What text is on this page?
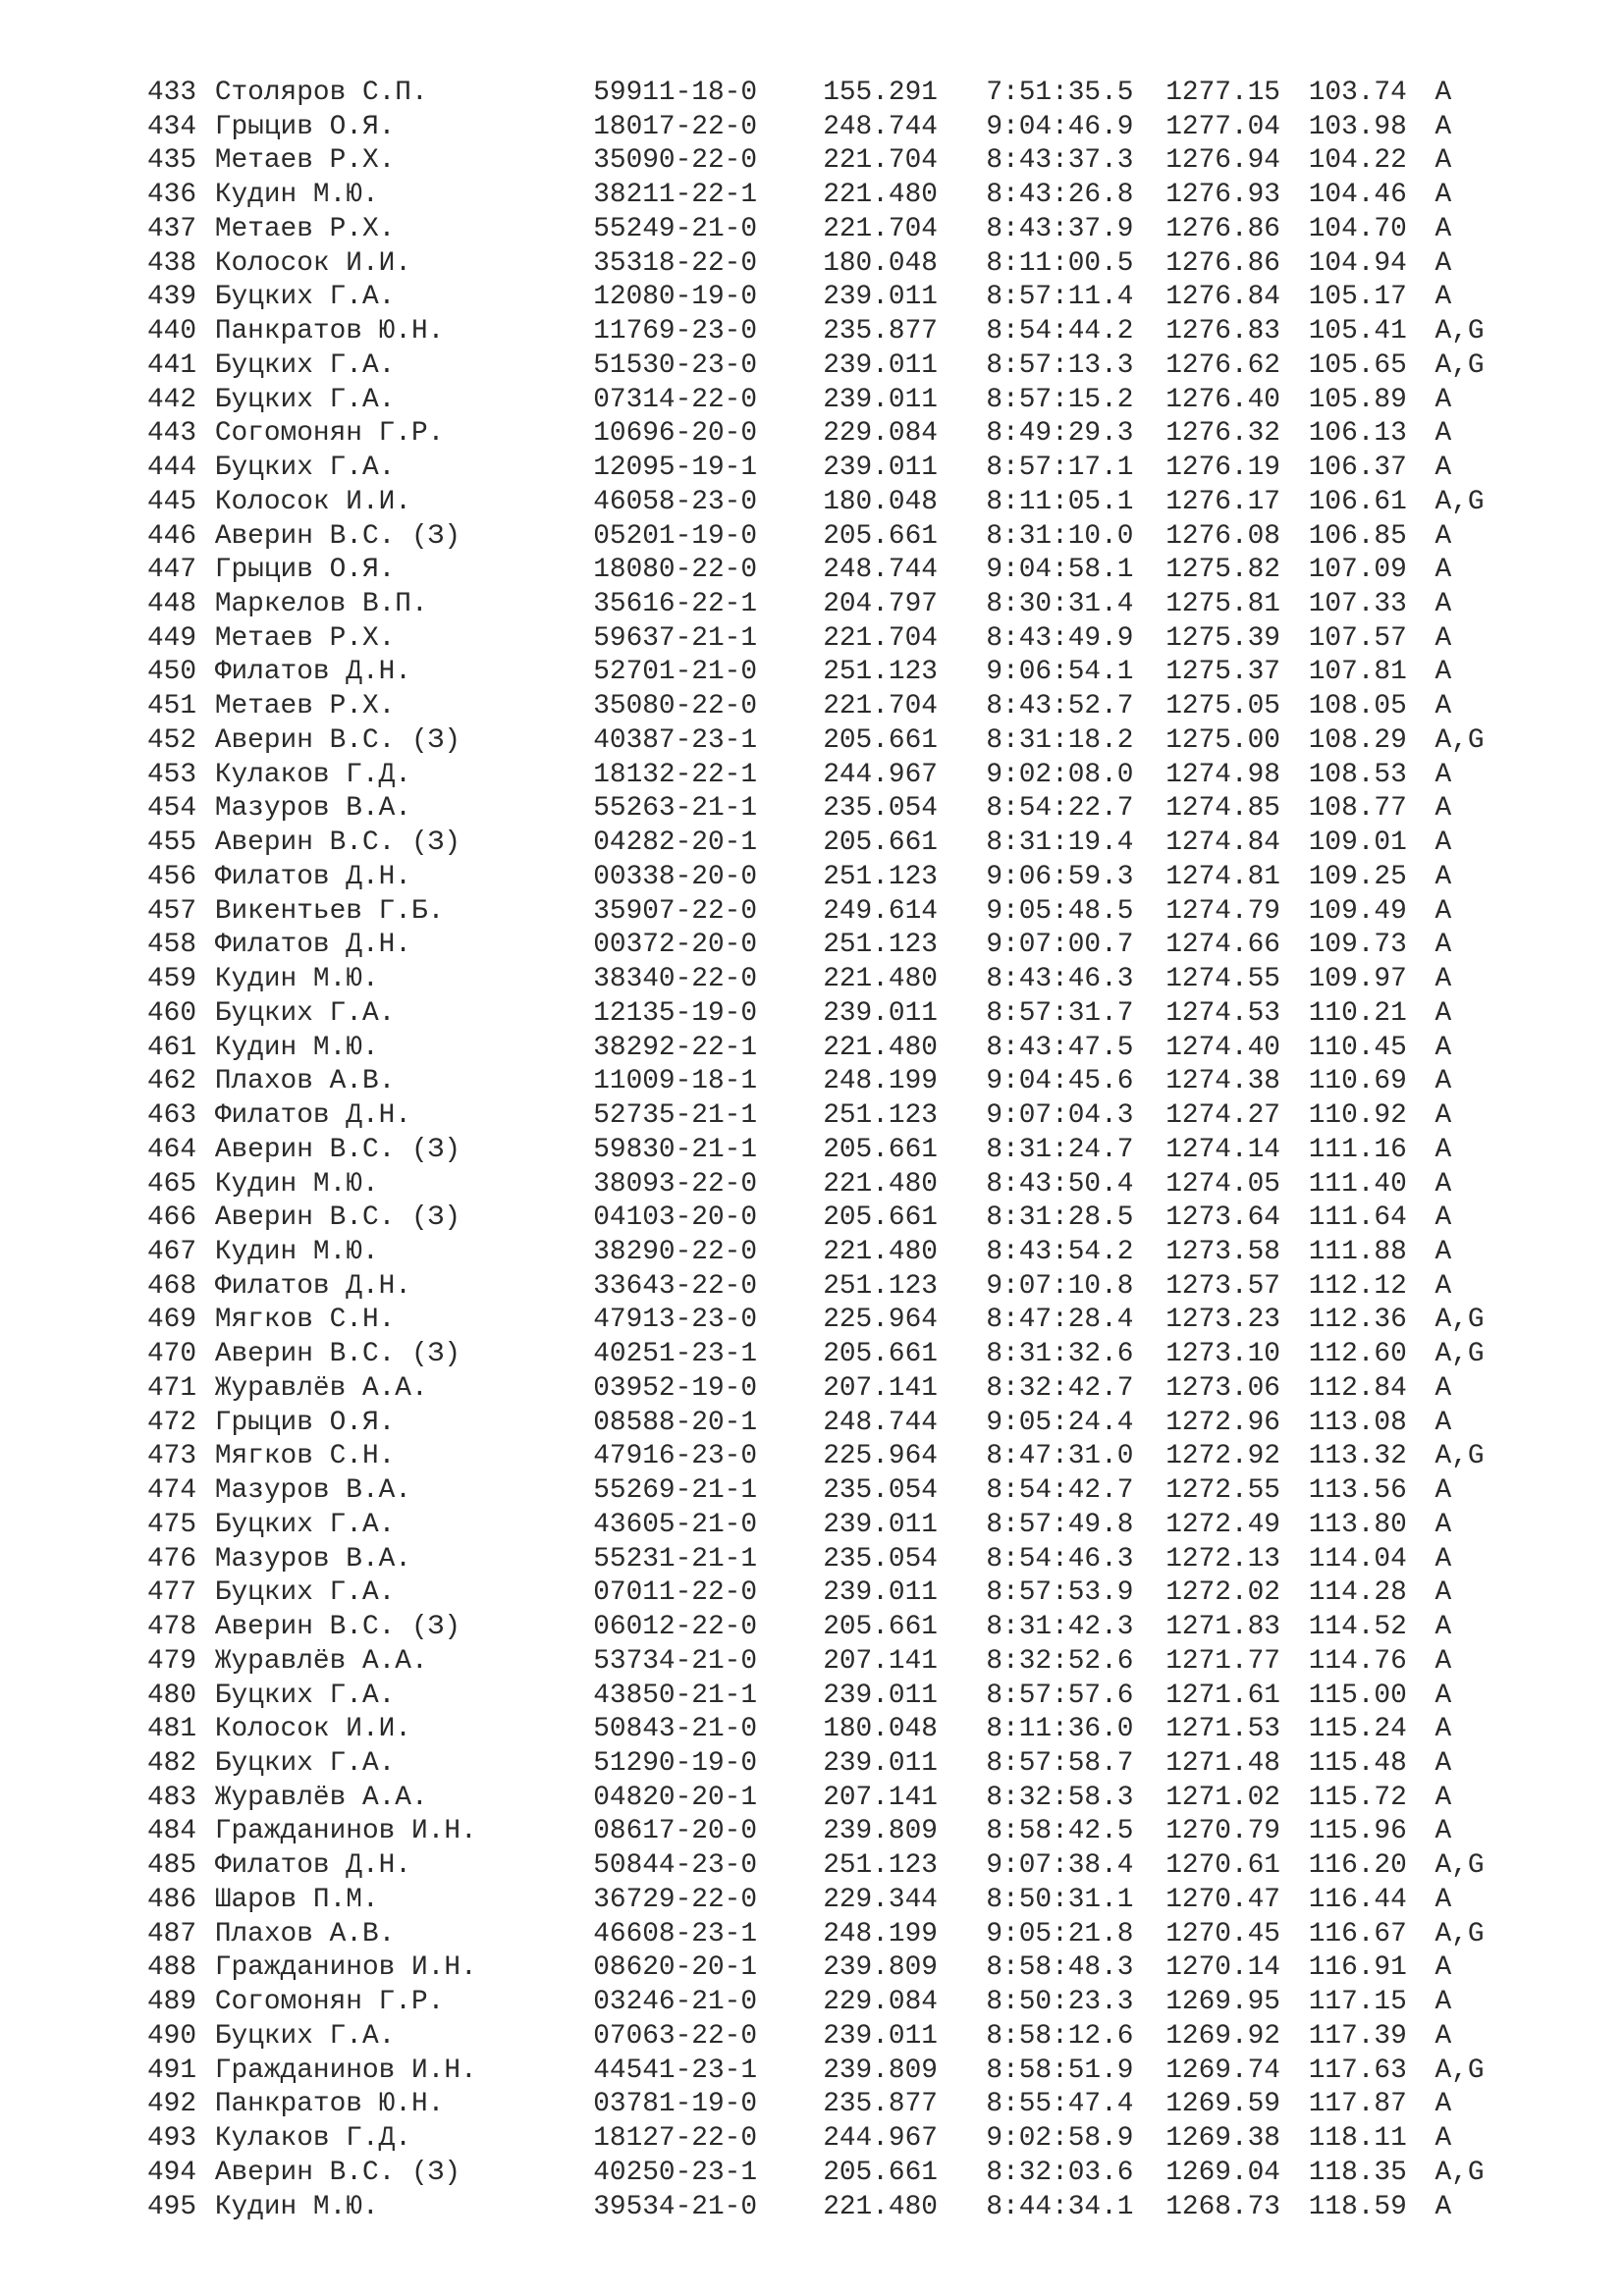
433 Столяров С.П.	59911-18-0	155.291	7:51:35.5	1277.15	103.74	A
434 Грыцив О.Я.	18017-22-0	248.744	9:04:46.9	1277.04	103.98	A
435 Метаев Р.Х.	35090-22-0	221.704	8:43:37.3	1276.94	104.22	A
436 Кудин М.Ю.	38211-22-1	221.480	8:43:26.8	1276.93	104.46	A
437 Метаев Р.Х.	55249-21-0	221.704	8:43:37.9	1276.86	104.70	A
438 Колосок И.И.	35318-22-0	180.048	8:11:00.5	1276.86	104.94	A
439 Буцких Г.А.	12080-19-0	239.011	8:57:11.4	1276.84	105.17	A
440 Панкратов Ю.Н.	11769-23-0	235.877	8:54:44.2	1276.83	105.41	A,G
441 Буцких Г.А.	51530-23-0	239.011	8:57:13.3	1276.62	105.65	A,G
442 Буцких Г.А.	07314-22-0	239.011	8:57:15.2	1276.40	105.89	A
443 Согомонян Г.Р.	10696-20-0	229.084	8:49:29.3	1276.32	106.13	A
444 Буцких Г.А.	12095-19-1	239.011	8:57:17.1	1276.19	106.37	A
445 Колосок И.И.	46058-23-0	180.048	8:11:05.1	1276.17	106.61	A,G
446 Аверин В.С. (З)	05201-19-0	205.661	8:31:10.0	1276.08	106.85	A
447 Грыцив О.Я.	18080-22-0	248.744	9:04:58.1	1275.82	107.09	A
448 Маркелов В.П.	35616-22-1	204.797	8:30:31.4	1275.81	107.33	A
449 Метаев Р.Х.	59637-21-1	221.704	8:43:49.9	1275.39	107.57	A
450 Филатов Д.Н.	52701-21-0	251.123	9:06:54.1	1275.37	107.81	A
451 Метаев Р.Х.	35080-22-0	221.704	8:43:52.7	1275.05	108.05	A
452 Аверин В.С. (З)	40387-23-1	205.661	8:31:18.2	1275.00	108.29	A,G
453 Кулаков Г.Д.	18132-22-1	244.967	9:02:08.0	1274.98	108.53	A
454 Мазуров В.А.	55263-21-1	235.054	8:54:22.7	1274.85	108.77	A
455 Аверин В.С. (З)	04282-20-1	205.661	8:31:19.4	1274.84	109.01	A
456 Филатов Д.Н.	00338-20-0	251.123	9:06:59.3	1274.81	109.25	A
457 Викентьев Г.Б.	35907-22-0	249.614	9:05:48.5	1274.79	109.49	A
458 Филатов Д.Н.	00372-20-0	251.123	9:07:00.7	1274.66	109.73	A
459 Кудин М.Ю.	38340-22-0	221.480	8:43:46.3	1274.55	109.97	A
460 Буцких Г.А.	12135-19-0	239.011	8:57:31.7	1274.53	110.21	A
461 Кудин М.Ю.	38292-22-1	221.480	8:43:47.5	1274.40	110.45	A
462 Плахов А.В.	11009-18-1	248.199	9:04:45.6	1274.38	110.69	A
463 Филатов Д.Н.	52735-21-1	251.123	9:07:04.3	1274.27	110.92	A
464 Аверин В.С. (З)	59830-21-1	205.661	8:31:24.7	1274.14	111.16	A
465 Кудин М.Ю.	38093-22-0	221.480	8:43:50.4	1274.05	111.40	A
466 Аверин В.С. (З)	04103-20-0	205.661	8:31:28.5	1273.64	111.64	A
467 Кудин М.Ю.	38290-22-0	221.480	8:43:54.2	1273.58	111.88	A
468 Филатов Д.Н.	33643-22-0	251.123	9:07:10.8	1273.57	112.12	A
469 Мягков С.Н.	47913-23-0	225.964	8:47:28.4	1273.23	112.36	A,G
470 Аверин В.С. (З)	40251-23-1	205.661	8:31:32.6	1273.10	112.60	A,G
471 Журавлёв А.А.	03952-19-0	207.141	8:32:42.7	1273.06	112.84	A
472 Грыцив О.Я.	08588-20-1	248.744	9:05:24.4	1272.96	113.08	A
473 Мягков С.Н.	47916-23-0	225.964	8:47:31.0	1272.92	113.32	A,G
474 Мазуров В.А.	55269-21-1	235.054	8:54:42.7	1272.55	113.56	A
475 Буцких Г.А.	43605-21-0	239.011	8:57:49.8	1272.49	113.80	A
476 Мазуров В.А.	55231-21-1	235.054	8:54:46.3	1272.13	114.04	A
477 Буцких Г.А.	07011-22-0	239.011	8:57:53.9	1272.02	114.28	A
478 Аверин В.С. (З)	06012-22-0	205.661	8:31:42.3	1271.83	114.52	A
479 Журавлёв А.А.	53734-21-0	207.141	8:32:52.6	1271.77	114.76	A
480 Буцких Г.А.	43850-21-1	239.011	8:57:57.6	1271.61	115.00	A
481 Колосок И.И.	50843-21-0	180.048	8:11:36.0	1271.53	115.24	A
482 Буцких Г.А.	51290-19-0	239.011	8:57:58.7	1271.48	115.48	A
483 Журавлёв А.А.	04820-20-1	207.141	8:32:58.3	1271.02	115.72	A
484 Гражданинов И.Н.	08617-20-0	239.809	8:58:42.5	1270.79	115.96	A
485 Филатов Д.Н.	50844-23-0	251.123	9:07:38.4	1270.61	116.20	A,G
486 Шаров П.М.	36729-22-0	229.344	8:50:31.1	1270.47	116.44	A
487 Плахов А.В.	46608-23-1	248.199	9:05:21.8	1270.45	116.67	A,G
488 Гражданинов И.Н.	08620-20-1	239.809	8:58:48.3	1270.14	116.91	A
489 Согомонян Г.Р.	03246-21-0	229.084	8:50:23.3	1269.95	117.15	A
490 Буцких Г.А.	07063-22-0	239.011	8:58:12.6	1269.92	117.39	A
491 Гражданинов И.Н.	44541-23-1	239.809	8:58:51.9	1269.74	117.63	A,G
492 Панкратов Ю.Н.	03781-19-0	235.877	8:55:47.4	1269.59	117.87	A
493 Кулаков Г.Д.	18127-22-0	244.967	9:02:58.9	1269.38	118.11	A
494 Аверин В.С. (З)	40250-23-1	205.661	8:32:03.6	1269.04	118.35	A,G
495 Кудин М.Ю.	39534-21-0	221.480	8:44:34.1	1268.73	118.59	A
